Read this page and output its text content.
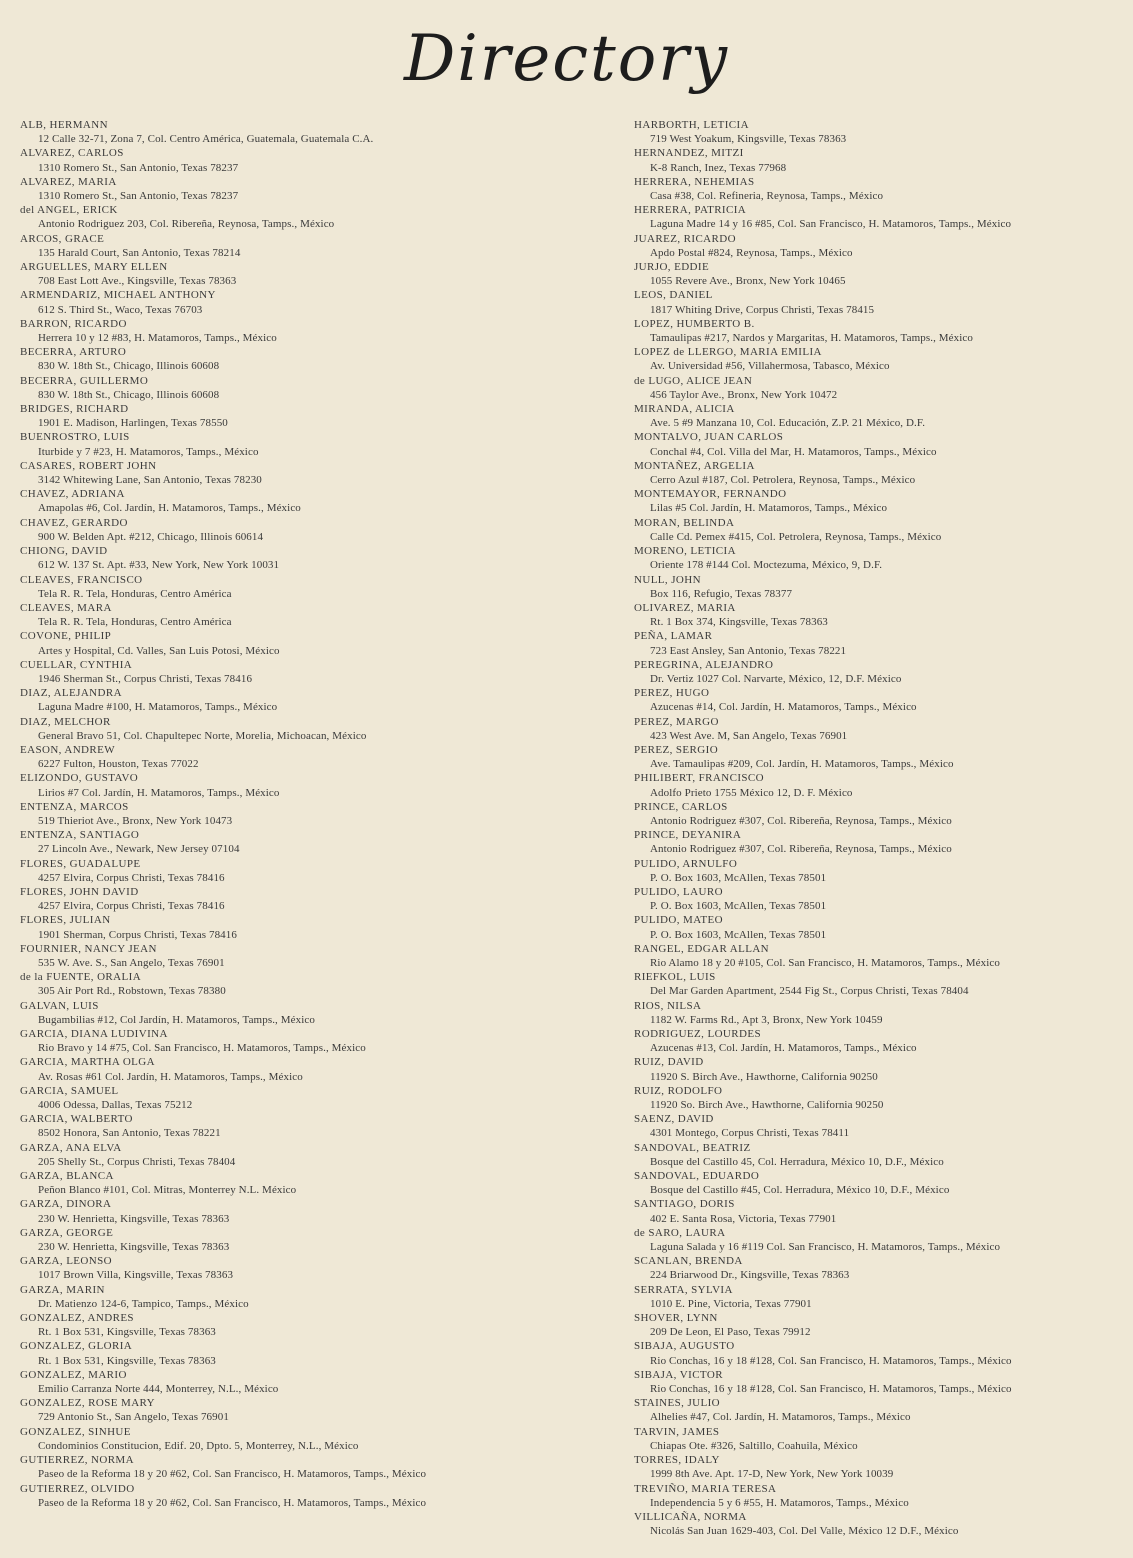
Directory
ALB, HERMANN
12 Calle 32-71, Zona 7, Col. Centro América, Guatemala, Guatemala C.A.
ALVAREZ, CARLOS
1310 Romero St., San Antonio, Texas 78237
ALVAREZ, MARIA
1310 Romero St., San Antonio, Texas 78237
del ANGEL, ERICK
Antonio Rodriguez 203, Col. Ribereña, Reynosa, Tamps., México
ARCOS, GRACE
135 Harald Court, San Antonio, Texas 78214
ARGUELLES, MARY ELLEN
708 East Lott Ave., Kingsville, Texas 78363
ARMENDARIZ, MICHAEL ANTHONY
612 S. Third St., Waco, Texas 76703
BARRON, RICARDO
Herrera 10 y 12 #83, H. Matamoros, Tamps., México
BECERRA, ARTURO
830 W. 18th St., Chicago, Illinois 60608
BECERRA, GUILLERMO
830 W. 18th St., Chicago, Illinois 60608
BRIDGES, RICHARD
1901 E. Madison, Harlingen, Texas 78550
BUENROSTRO, LUIS
Iturbide y 7 #23, H. Matamoros, Tamps., México
CASARES, ROBERT JOHN
3142 Whitewing Lane, San Antonio, Texas 78230
CHAVEZ, ADRIANA
Amapolas #6, Col. Jardín, H. Matamoros, Tamps., México
CHAVEZ, GERARDO
900 W. Belden Apt. #212, Chicago, Illinois 60614
CHIONG, DAVID
612 W. 137 St. Apt. #33, New York, New York 10031
CLEAVES, FRANCISCO
Tela R. R. Tela, Honduras, Centro América
CLEAVES, MARA
Tela R. R. Tela, Honduras, Centro América
COVONE, PHILIP
Artes y Hospital, Cd. Valles, San Luis Potosi, México
CUELLAR, CYNTHIA
1946 Sherman St., Corpus Christi, Texas 78416
DIAZ, ALEJANDRA
Laguna Madre #100, H. Matamoros, Tamps., México
DIAZ, MELCHOR
General Bravo 51, Col. Chapultepec Norte, Morelia, Michoacan, México
EASON, ANDREW
6227 Fulton, Houston, Texas 77022
ELIZONDO, GUSTAVO
Lirios #7 Col. Jardín, H. Matamoros, Tamps., México
ENTENZA, MARCOS
519 Thieriot Ave., Bronx, New York 10473
ENTENZA, SANTIAGO
27 Lincoln Ave., Newark, New Jersey 07104
FLORES, GUADALUPE
4257 Elvira, Corpus Christi, Texas 78416
FLORES, JOHN DAVID
4257 Elvira, Corpus Christi, Texas 78416
FLORES, JULIAN
1901 Sherman, Corpus Christi, Texas 78416
FOURNIER, NANCY JEAN
535 W. Ave. S., San Angelo, Texas 76901
de la FUENTE, ORALIA
305 Air Port Rd., Robstown, Texas 78380
GALVAN, LUIS
Bugambilias #12, Col Jardín, H. Matamoros, Tamps., México
GARCIA, DIANA LUDIVINA
Rio Bravo y 14 #75, Col. San Francisco, H. Matamoros, Tamps., México
GARCIA, MARTHA OLGA
Av. Rosas #61 Col. Jardín, H. Matamoros, Tamps., México
GARCIA, SAMUEL
4006 Odessa, Dallas, Texas 75212
GARCIA, WALBERTO
8502 Honora, San Antonio, Texas 78221
GARZA, ANA ELVA
205 Shelly St., Corpus Christi, Texas 78404
GARZA, BLANCA
Peñon Blanco #101, Col. Mitras, Monterrey N.L. México
GARZA, DINORA
230 W. Henrietta, Kingsville, Texas 78363
GARZA, GEORGE
230 W. Henrietta, Kingsville, Texas 78363
GARZA, LEONSO
1017 Brown Villa, Kingsville, Texas 78363
GARZA, MARIN
Dr. Matienzo 124-6, Tampico, Tamps., México
GONZALEZ, ANDRES
Rt. 1 Box 531, Kingsville, Texas 78363
GONZALEZ, GLORIA
Rt. 1 Box 531, Kingsville, Texas 78363
GONZALEZ, MARIO
Emilio Carranza Norte 444, Monterrey, N.L., México
GONZALEZ, ROSE MARY
729 Antonio St., San Angelo, Texas 76901
GONZALEZ, SINHUE
Condominios Constitucion, Edif. 20, Dpto. 5, Monterrey, N.L., México
GUTIERREZ, NORMA
Paseo de la Reforma 18 y 20 #62, Col. San Francisco, H. Matamoros, Tamps., México
GUTIERREZ, OLVIDO
Paseo de la Reforma 18 y 20 #62, Col. San Francisco, H. Matamoros, Tamps., México
HARBORTH, LETICIA
719 West Yoakum, Kingsville, Texas 78363
HERNANDEZ, MITZI
K-8 Ranch, Inez, Texas 77968
HERRERA, NEHEMIAS
Casa #38, Col. Refineria, Reynosa, Tamps., México
HERRERA, PATRICIA
Laguna Madre 14 y 16 #85, Col. San Francisco, H. Matamoros, Tamps., México
JUAREZ, RICARDO
Apdo Postal #824, Reynosa, Tamps., México
JURJO, EDDIE
1055 Revere Ave., Bronx, New York 10465
LEOS, DANIEL
1817 Whiting Drive, Corpus Christi, Texas 78415
LOPEZ, HUMBERTO B.
Tamaulipas #217, Nardos y Margaritas, H. Matamoros, Tamps., México
LOPEZ de LLERGO, MARIA EMILIA
Av. Universidad #56, Villahermosa, Tabasco, México
de LUGO, ALICE JEAN
456 Taylor Ave., Bronx, New York 10472
MIRANDA, ALICIA
Ave. 5 #9 Manzana 10, Col. Educación, Z.P. 21 México, D.F.
MONTALVO, JUAN CARLOS
Conchal #4, Col. Villa del Mar, H. Matamoros, Tamps., México
MONTAÑEZ, ARGELIA
Cerro Azul #187, Col. Petrolera, Reynosa, Tamps., México
MONTEMAYOR, FERNANDO
Lilas #5 Col. Jardín, H. Matamoros, Tamps., México
MORAN, BELINDA
Calle Cd. Pemex #415, Col. Petrolera, Reynosa, Tamps., México
MORENO, LETICIA
Oriente 178 #144 Col. Moctezuma, México, 9, D.F.
NULL, JOHN
Box 116, Refugio, Texas 78377
OLIVAREZ, MARIA
Rt. 1 Box 374, Kingsville, Texas 78363
PEÑA, LAMAR
723 East Ansley, San Antonio, Texas 78221
PEREGRINA, ALEJANDRO
Dr. Vertiz 1027 Col. Narvarte, México, 12, D.F. México
PEREZ, HUGO
Azucenas #14, Col. Jardín, H. Matamoros, Tamps., México
PEREZ, MARGO
423 West Ave. M, San Angelo, Texas 76901
PEREZ, SERGIO
Ave. Tamaulipas #209, Col. Jardín, H. Matamoros, Tamps., México
PHILIBERT, FRANCISCO
Adolfo Prieto 1755 México 12, D. F. México
PRINCE, CARLOS
Antonio Rodriguez #307, Col. Ribereña, Reynosa, Tamps., México
PRINCE, DEYANIRA
Antonio Rodriguez #307, Col. Ribereña, Reynosa, Tamps., México
PULIDO, ARNULFO
P. O. Box 1603, McAllen, Texas 78501
PULIDO, LAURO
P. O. Box 1603, McAllen, Texas 78501
PULIDO, MATEO
P. O. Box 1603, McAllen, Texas 78501
RANGEL, EDGAR ALLAN
Rio Alamo 18 y 20 #105, Col. San Francisco, H. Matamoros, Tamps., México
RIEFKOL, LUIS
Del Mar Garden Apartment, 2544 Fig St., Corpus Christi, Texas 78404
RIOS, NILSA
1182 W. Farms Rd., Apt 3, Bronx, New York 10459
RODRIGUEZ, LOURDES
Azucenas #13, Col. Jardín, H. Matamoros, Tamps., México
RUIZ, DAVID
11920 S. Birch Ave., Hawthorne, California 90250
RUIZ, RODOLFO
11920 So. Birch Ave., Hawthorne, California 90250
SAENZ, DAVID
4301 Montego, Corpus Christi, Texas 78411
SANDOVAL, BEATRIZ
Bosque del Castillo 45, Col. Herradura, México 10, D.F., México
SANDOVAL, EDUARDO
Bosque del Castillo #45, Col. Herradura, México 10, D.F., México
SANTIAGO, DORIS
402 E. Santa Rosa, Victoria, Texas 77901
de SARO, LAURA
Laguna Salada y 16 #119 Col. San Francisco, H. Matamoros, Tamps., México
SCANLAN, BRENDA
224 Briarwood Dr., Kingsville, Texas 78363
SERRATA, SYLVIA
1010 E. Pine, Victoria, Texas 77901
SHOVER, LYNN
209 De Leon, El Paso, Texas 79912
SIBAJA, AUGUSTO
Rio Conchas, 16 y 18 #128, Col. San Francisco, H. Matamoros, Tamps., México
SIBAJA, VICTOR
Rio Conchas, 16 y 18 #128, Col. San Francisco, H. Matamoros, Tamps., México
STAINES, JULIO
Alhelies #47, Col. Jardín, H. Matamoros, Tamps., México
TARVIN, JAMES
Chiapas Ote. #326, Saltillo, Coahuila, México
TORRES, IDALY
1999 8th Ave. Apt. 17-D, New York, New York 10039
TREVIÑO, MARIA TERESA
Independencia 5 y 6 #55, H. Matamoros, Tamps., México
VILLICAÑA, NORMA
Nicolás San Juan 1629-403, Col. Del Valle, México 12 D.F., México
